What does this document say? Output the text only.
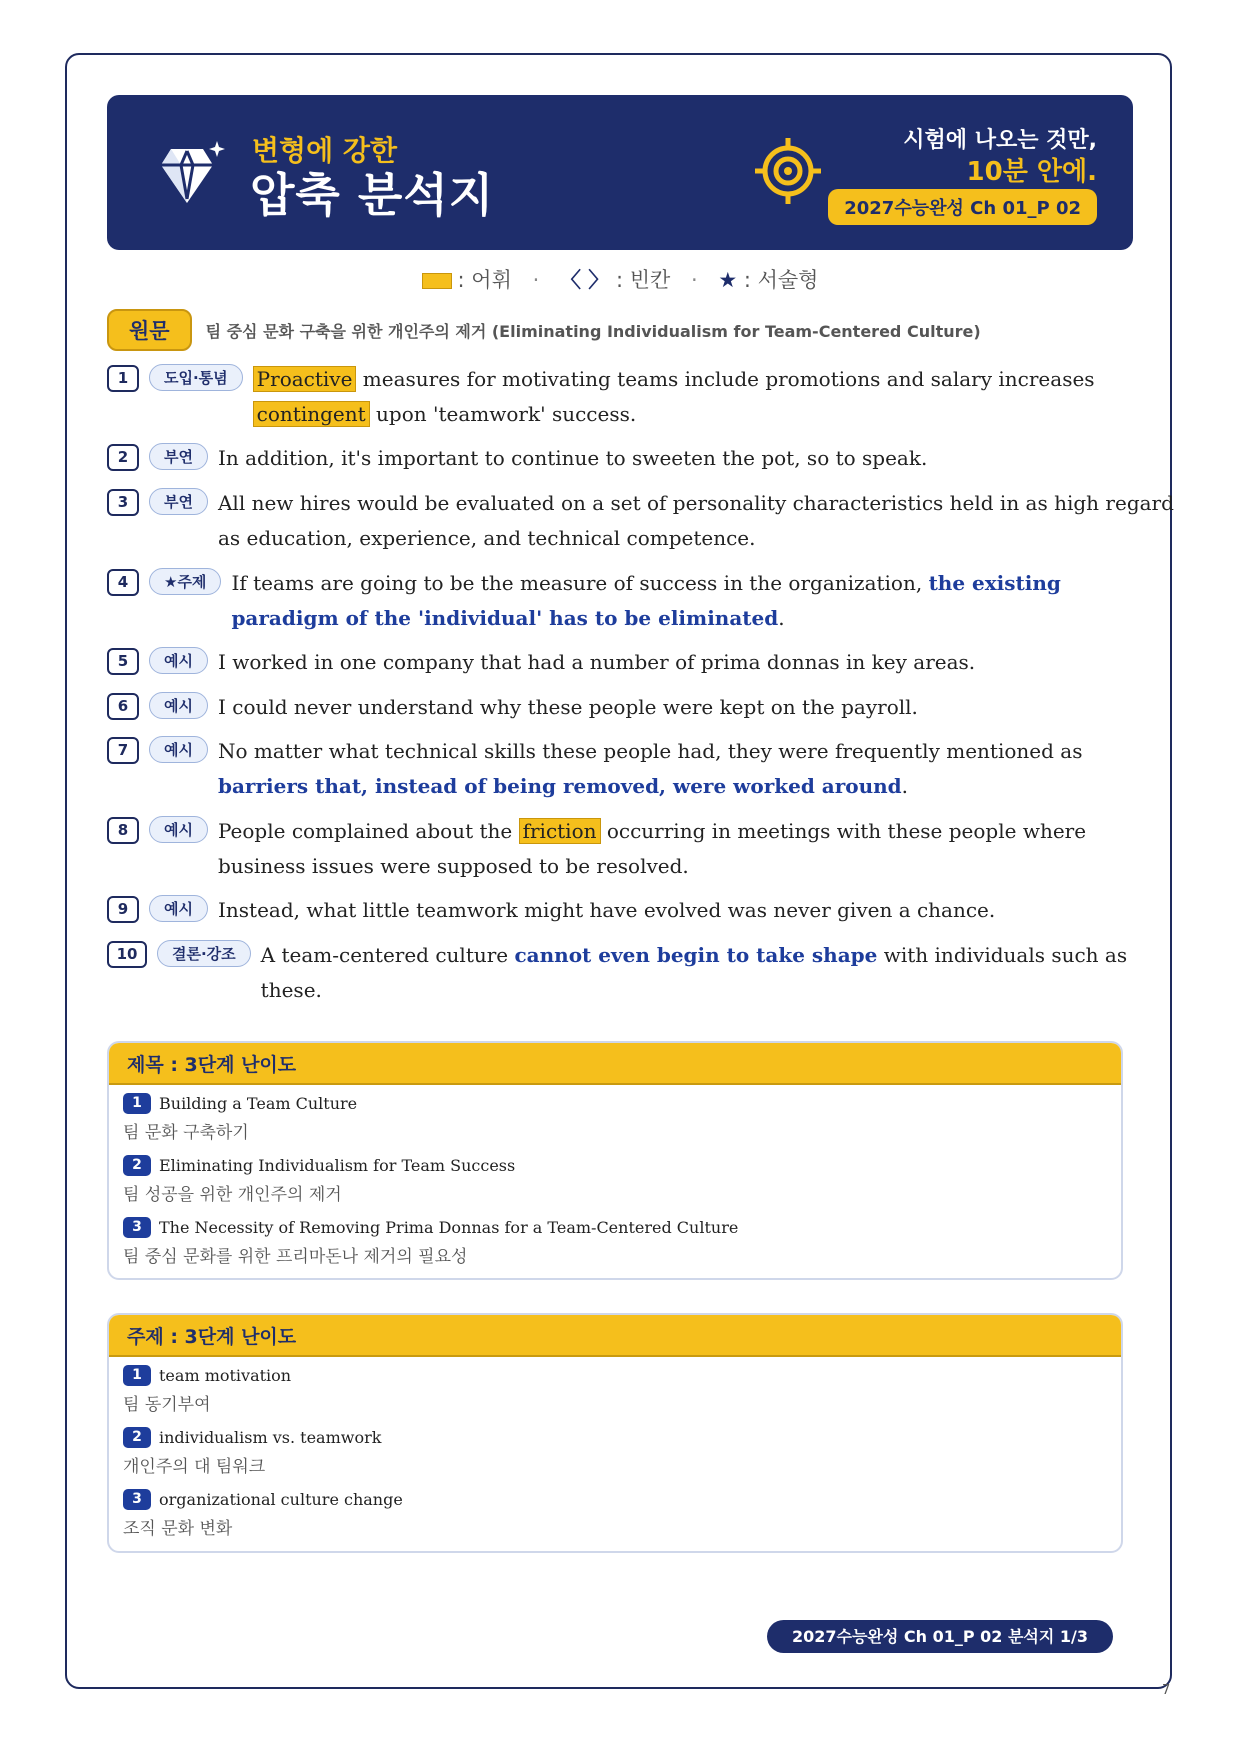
변형에 강한
압축 분석지
시험에 나오는 것만,
10분 안에.
2027수능완성 Ch 01_P 02
: 어휘 · 〈 〉 : 빈칸 · ★ : 서술형
원문	팀 중심 문화 구축을 위한 개인주의 제거 (Eliminating Individualism for Team-Centered Culture)
1	도입·통념	Proactive measures for motivating teams include promotions and salary increases
contingent upon 'teamwork' success.
2	부연	In addition, it's important to continue to sweeten the pot, so to speak.
3	부연	All new hires would be evaluated on a set of personality characteristics held in as high regard
as education, experience, and technical competence.
4	★주제	If teams are going to be the measure of success in the organization, the existing
paradigm of the 'individual' has to be eliminated.
5	예시	I worked in one company that had a number of prima donnas in key areas.
6	예시	I could never understand why these people were kept on the payroll.
7	예시	No matter what technical skills these people had, they were frequently mentioned as
barriers that, instead of being removed, were worked around.
8	예시	People complained about the friction occurring in meetings with these people where
business issues were supposed to be resolved.
9	예시	Instead, what little teamwork might have evolved was never given a chance.
10	결론·강조	A team-centered culture cannot even begin to take shape with individuals such as
these.
제목 : 3단계 난이도
1	Building a Team Culture
팀 문화 구축하기
2	Eliminating Individualism for Team Success
팀 성공을 위한 개인주의 제거
3	The Necessity of Removing Prima Donnas for a Team-Centered Culture
팀 중심 문화를 위한 프리마돈나 제거의 필요성
주제 : 3단계 난이도
1	team motivation
팀 동기부여
2	individualism vs. teamwork
개인주의 대 팀워크
3	organizational culture change
조직 문화 변화
2027수능완성 Ch 01_P 02 분석지 1/3
7
